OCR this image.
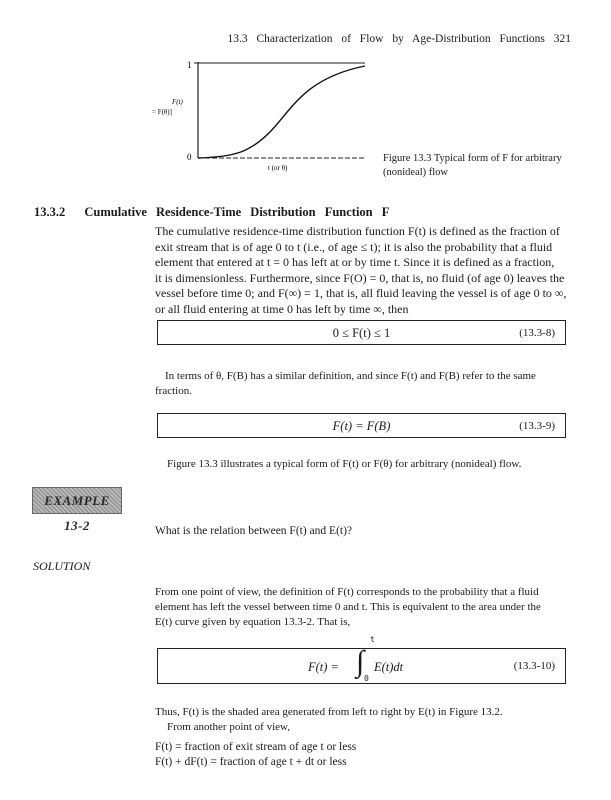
13.3 Characterization of Flow by Age-Distribution Functions 321
1
F(t)
= F(θ)]
0
t (or θ)
Figure 13.3 Typical form of F for arbitrary (nonideal) flow
13.3.2 Cumulative Residence-Time Distribution Function F
The cumulative residence-time distribution function F(t) is defined as the fraction of
exit stream that is of age 0 to t (i.e., of age ≤ t); it is also the probability that a fluid
element that entered at t = 0 has left at or by time t. Since it is defined as a fraction,
it is dimensionless. Furthermore, since F(O) = 0, that is, no fluid (of age 0) leaves the
vessel before time 0; and F(∞) = 1, that is, all fluid leaving the vessel is of age 0 to ∞,
or all fluid entering at time 0 has left by time ∞, then
0 ≤ F(t) ≤ 1	(13.3-8)
In terms of θ, F(B) has a similar definition, and since F(t) and F(B) refer to the same
fraction.
F(t) = F(B)	(13.3-9)
Figure 13.3 illustrates a typical form of F(t) or F(θ) for arbitrary (nonideal) flow.
EXAMPLE 13-2	What is the relation between F(t) and E(t)?
SOLUTION
From one point of view, the definition of F(t) corresponds to the probability that a fluid
element has left the vessel between time 0 and t. This is equivalent to the area under the
E(t) curve given by equation 13.3-2. That is,
F(t) = ∫
t
0
E(t)dt	(13.3-10)
Thus, F(t) is the shaded area generated from left to right by E(t) in Figure 13.2.
From another point of view,
F(t) = fraction of exit stream of age t or less
F(t) + dF(t) = fraction of age t + dt or less
